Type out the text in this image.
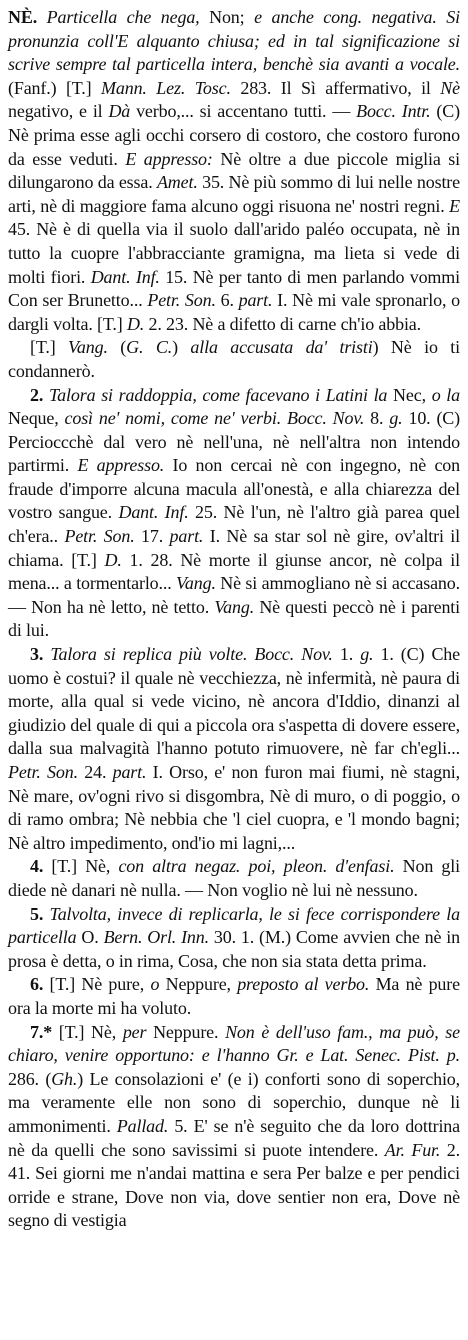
NÈ. Particella che nega, Non; e anche cong. negativa. Si pronunzia coll'E alquanto chiusa; ed in tal significazione si scrive sempre tal particella intera, benchè sia avanti a vocale. (Fanf.) [T.] Mann. Lez. Tosc. 283. Il Sì affermativo, il Nè negativo, e il Dà verbo,... si accentano tutti. — Bocc. Intr. (C) Nè prima esse agli occhi corsero di costoro, che costoro furono da esse veduti. E appresso: Nè oltre a due piccole miglia si dilungarono da essa. Amet. 35. Nè più sommo di lui nelle nostre arti, nè di maggiore fama alcuno oggi risuona ne' nostri regni. E 45. Nè è di quella via il suolo dall'arido paléo occupata, nè in tutto la cuopre l'abbracciante gramigna, ma lieta si vede di molti fiori. Dant. Inf. 15. Nè per tanto di men parlando vommi Con ser Brunetto... Petr. Son. 6. part. I. Nè mi vale spronarlo, o dargli volta. [T.] D. 2. 23. Nè a difetto di carne ch'io abbia.

[T.] Vang. (G. C.) alla accusata da' tristi) Nè io ti condannerò.

2. Talora si raddoppia, come facevano i Latini la Nec, o la Neque, così ne' nomi, come ne' verbi. Bocc. Nov. 8. g. 10. (C) Percioccchè dal vero nè nell'una, nè nell'altra non intendo partirmi. E appresso. Io non cercai nè con ingegno, nè con fraude d'imporre alcuna macula all'onestà, e alla chiarezza del vostro sangue. Dant. Inf. 25. Nè l'un, nè l'altro già parea quel ch'era.. Petr. Son. 17. part. I. Nè sa star sol nè gire, ov'altri il chiama. [T.] D. 1. 28. Nè morte il giunse ancor, nè colpa il mena... a tormentarlo... Vang. Nè si ammogliano nè si accasano. — Non ha nè letto, nè tetto. Vang. Nè questi peccò nè i parenti di lui.

3. Talora si replica più volte. Bocc. Nov. 1. g. 1. (C) Che uomo è costui? il quale nè vecchiezza, nè infermità, nè paura di morte, alla qual si vede vicino, nè ancora d'Iddio, dinanzi al giudizio del quale di qui a piccola ora s'aspetta di dovere essere, dalla sua malvagità l'hanno potuto rimuovere, nè far ch'egli... Petr. Son. 24. part. I. Orso, e' non furon mai fiumi, nè stagni, Nè mare, ov'ogni rivo si disgombra, Nè di muro, o di poggio, o di ramo ombra; Nè nebbia che 'l ciel cuopra, e 'l mondo bagni; Nè altro impedimento, ond'io mi lagni,...

4. [T.] Nè, con altra negaz. poi, pleon. d'enfasi. Non gli diede nè danari nè nulla. — Non voglio nè lui nè nessuno.

5. Talvolta, invece di replicarla, le si fece corrispondere la particella O. Bern. Orl. Inn. 30. 1. (M.) Come avvien che nè in prosa è detta, o in rima, Cosa, che non sia stata detta prima.

6. [T.] Nè pure, o Neppure, preposto al verbo. Ma nè pure ora la morte mi ha voluto.

7.* [T.] Nè, per Neppure. Non è dell'uso fam., ma può, se chiaro, venire opportuno: e l'hanno Gr. e Lat. Senec. Pist. p. 286. (Gh.) Le consolazioni e' (e i) conforti sono di soperchio, ma veramente elle non sono di soperchio, dunque nè li ammonimenti. Pallad. 5. E' se n'è seguito che da loro dottrina nè da quelli che sono savissimi si puote intendere. Ar. Fur. 2. 41. Sei giorni me n'andai mattina e sera Per balze e per pendici orride e strane, Dove non via, dove sentier non era, Dove nè segno di vestigia
